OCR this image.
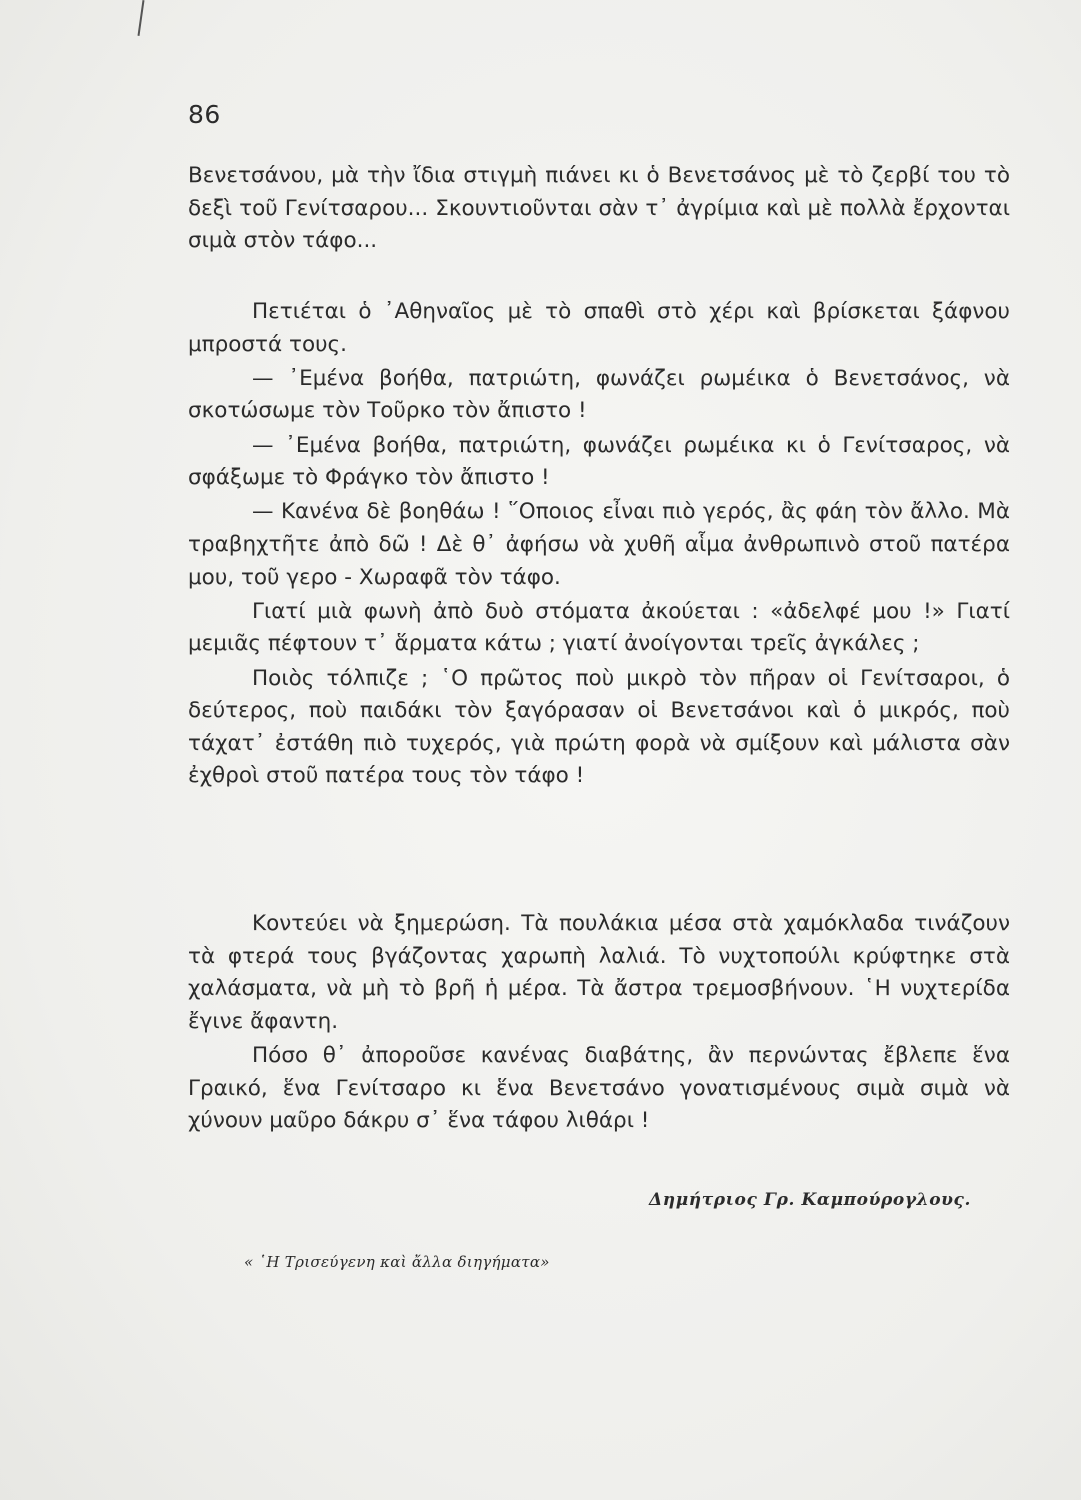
86

Βενετσάνου, μὰ τὴν ἴδια στιγμὴ πιάνει κι ὁ Βενετσάνος μὲ τὸ ζερβί του τὸ δεξὶ τοῦ Γενίτσαρου... Σκουντιοῦνται σὰν τ᾿ ἀγρίμια καὶ μὲ πολλὰ ἔρχονται σιμὰ στὸν τάφο...

Πετιέται ὁ ᾿Αθηναῖος μὲ τὸ σπαθὶ στὸ χέρι καὶ βρίσκεται ξάφνου μπροστά τους.

— ᾿Εμένα βοήθα, πατριώτη, φωνάζει ρωμέικα ὁ Βενετσάνος, νὰ σκοτώσωμε τὸν Τοῦρκο τὸν ἄπιστο !

— ᾿Εμένα βοήθα, πατριώτη, φωνάζει ρωμέικα κι ὁ Γενίτσαρος, νὰ σφάξωμε τὸ Φράγκο τὸν ἄπιστο !

— Κανένα δὲ βοηθάω ! ῞Οποιος εἶναι πιὸ γερός, ἂς φάη τὸν ἄλλο. Μὰ τραβηχτῆτε ἀπὸ δῶ ! Δὲ θ᾿ ἀφήσω νὰ χυθῆ αἷμα ἀνθρωπινὸ στοῦ πατέρα μου, τοῦ γερο - Χωραφᾶ τὸν τάφο.

Γιατί μιὰ φωνὴ ἀπὸ δυὸ στόματα ἀκούεται : «ἀδελφέ μου !» Γιατί μεμιᾶς πέφτουν τ᾿ ἅρματα κάτω ; γιατί ἀνοίγονται τρεῖς ἀγκάλες ;

Ποιὸς τόλπιζε ; ῾Ο πρῶτος ποὺ μικρὸ τὸν πῆραν οἱ Γενίτσαροι, ὁ δεύτερος, ποὺ παιδάκι τὸν ξαγόρασαν οἱ Βενετσάνοι καὶ ὁ μικρός, ποὺ τάχατ᾿ ἐστάθη πιὸ τυχερός, γιὰ πρώτη φορὰ νὰ σμίξουν καὶ μάλιστα σὰν ἐχθροὶ στοῦ πατέρα τους τὸν τάφο !

Κοντεύει νὰ ξημερώση. Τὰ πουλάκια μέσα στὰ χαμόκλαδα τινάζουν τὰ φτερά τους βγάζοντας χαρωπὴ λαλιά. Τὸ νυχτοπούλι κρύφτηκε στὰ χαλάσματα, νὰ μὴ τὸ βρῆ ἡ μέρα. Τὰ ἄστρα τρεμοσβήνουν. ῾Η νυχτερίδα ἔγινε ἄφαντη.

Πόσο θ᾿ ἀποροῦσε κανένας διαβάτης, ἂν περνώντας ἔβλεπε ἕνα Γραικό, ἕνα Γενίτσαρο κι ἕνα Βενετσάνο γονατισμένους σιμὰ σιμὰ νὰ χύνουν μαῦρο δάκρυ σ᾿ ἕνα τάφου λιθάρι !

Δημήτριος Γρ. Καμπούρογλους.
« ῾Η Τρισεύγενη καὶ ἄλλα διηγήματα»
